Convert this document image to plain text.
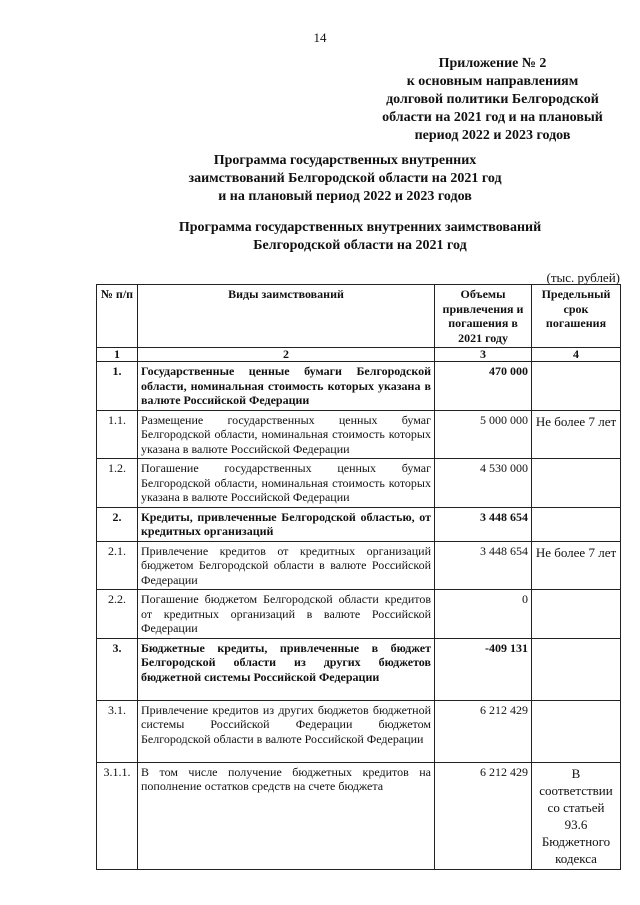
14
Приложение № 2
к основным направлениям
долговой политики Белгородской
области на 2021 год и на плановый
период 2022 и 2023 годов
Программа государственных внутренних
заимствований Белгородской области на 2021 год
и на плановый период 2022 и 2023 годов
Программа государственных внутренних заимствований
Белгородской области на 2021 год
(тыс. рублей)
№ п/п	Виды заимствований	Объемы привлечения и погашения в 2021 году	Предельный срок погашения
1	2	3	4
1.	Государственные ценные бумаги Белгородской области, номинальная стоимость которых указана в валюте Российской Федерации	470 000	
1.1.	Размещение государственных ценных бумаг Белгородской области, номинальная стоимость которых указана в валюте Российской Федерации	5 000 000	Не более 7 лет
1.2.	Погашение государственных ценных бумаг Белгородской области, номинальная стоимость которых указана в валюте Российской Федерации	4 530 000	
2.	Кредиты, привлеченные Белгородской областью, от кредитных организаций	3 448 654	
2.1.	Привлечение кредитов от кредитных организаций бюджетом Белгородской области в валюте Российской Федерации	3 448 654	Не более 7 лет
2.2.	Погашение бюджетом Белгородской области кредитов от кредитных организаций в валюте Российской Федерации	0	
3.	Бюджетные кредиты, привлеченные в бюджет Белгородской области из других бюджетов бюджетной системы Российской Федерации	-409 131	
3.1.	Привлечение кредитов из других бюджетов бюджетной системы Российской Федерации бюджетом Белгородской области в валюте Российской Федерации	6 212 429	
3.1.1.	В том числе получение бюджетных кредитов на пополнение остатков средств на счете бюджета	6 212 429	В соответствии со статьей 93.6 Бюджетного кодекса
